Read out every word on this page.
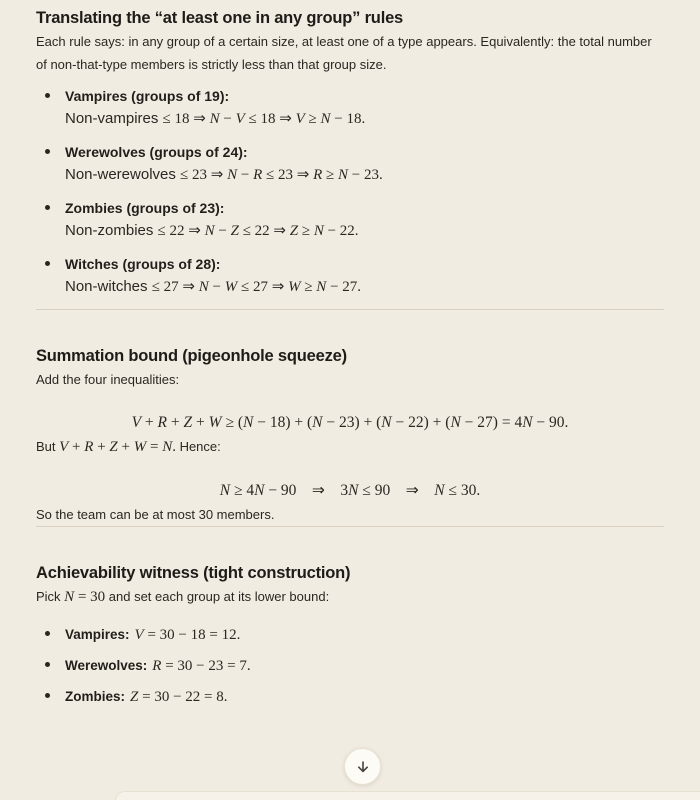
Translating the “at least one in any group” rules

Each rule says: in any group of a certain size, at least one of a type appears. Equivalently: the total number of non-that-type members is strictly less than that group size.

Vampires (groups of 19):
Non-vampires ≤ 18 ⇒ N − V ≤ 18 ⇒ V ≥ N − 18.
Werewolves (groups of 24):
Non-werewolves ≤ 23 ⇒ N − R ≤ 23 ⇒ R ≥ N − 23.
Zombies (groups of 23):
Non-zombies ≤ 22 ⇒ N − Z ≤ 22 ⇒ Z ≥ N − 22.
Witches (groups of 28):
Non-witches ≤ 27 ⇒ N − W ≤ 27 ⇒ W ≥ N − 27.
Summation bound (pigeonhole squeeze)

Add the four inequalities:

V + R + Z + W ≥ (N − 18) + (N − 23) + (N − 22) + (N − 27) = 4N − 90.

But V + R + Z + W = N. Hence:

N ≥ 4N − 90 ⇒ 3N ≤ 90 ⇒ N ≤ 30.

So the team can be at most 30 members.

Achievability witness (tight construction)

Pick N = 30 and set each group at its lower bound:

Vampires: V = 30 − 18 = 12.
Werewolves: R = 30 − 23 = 7.
Zombies: Z = 30 − 22 = 8.
